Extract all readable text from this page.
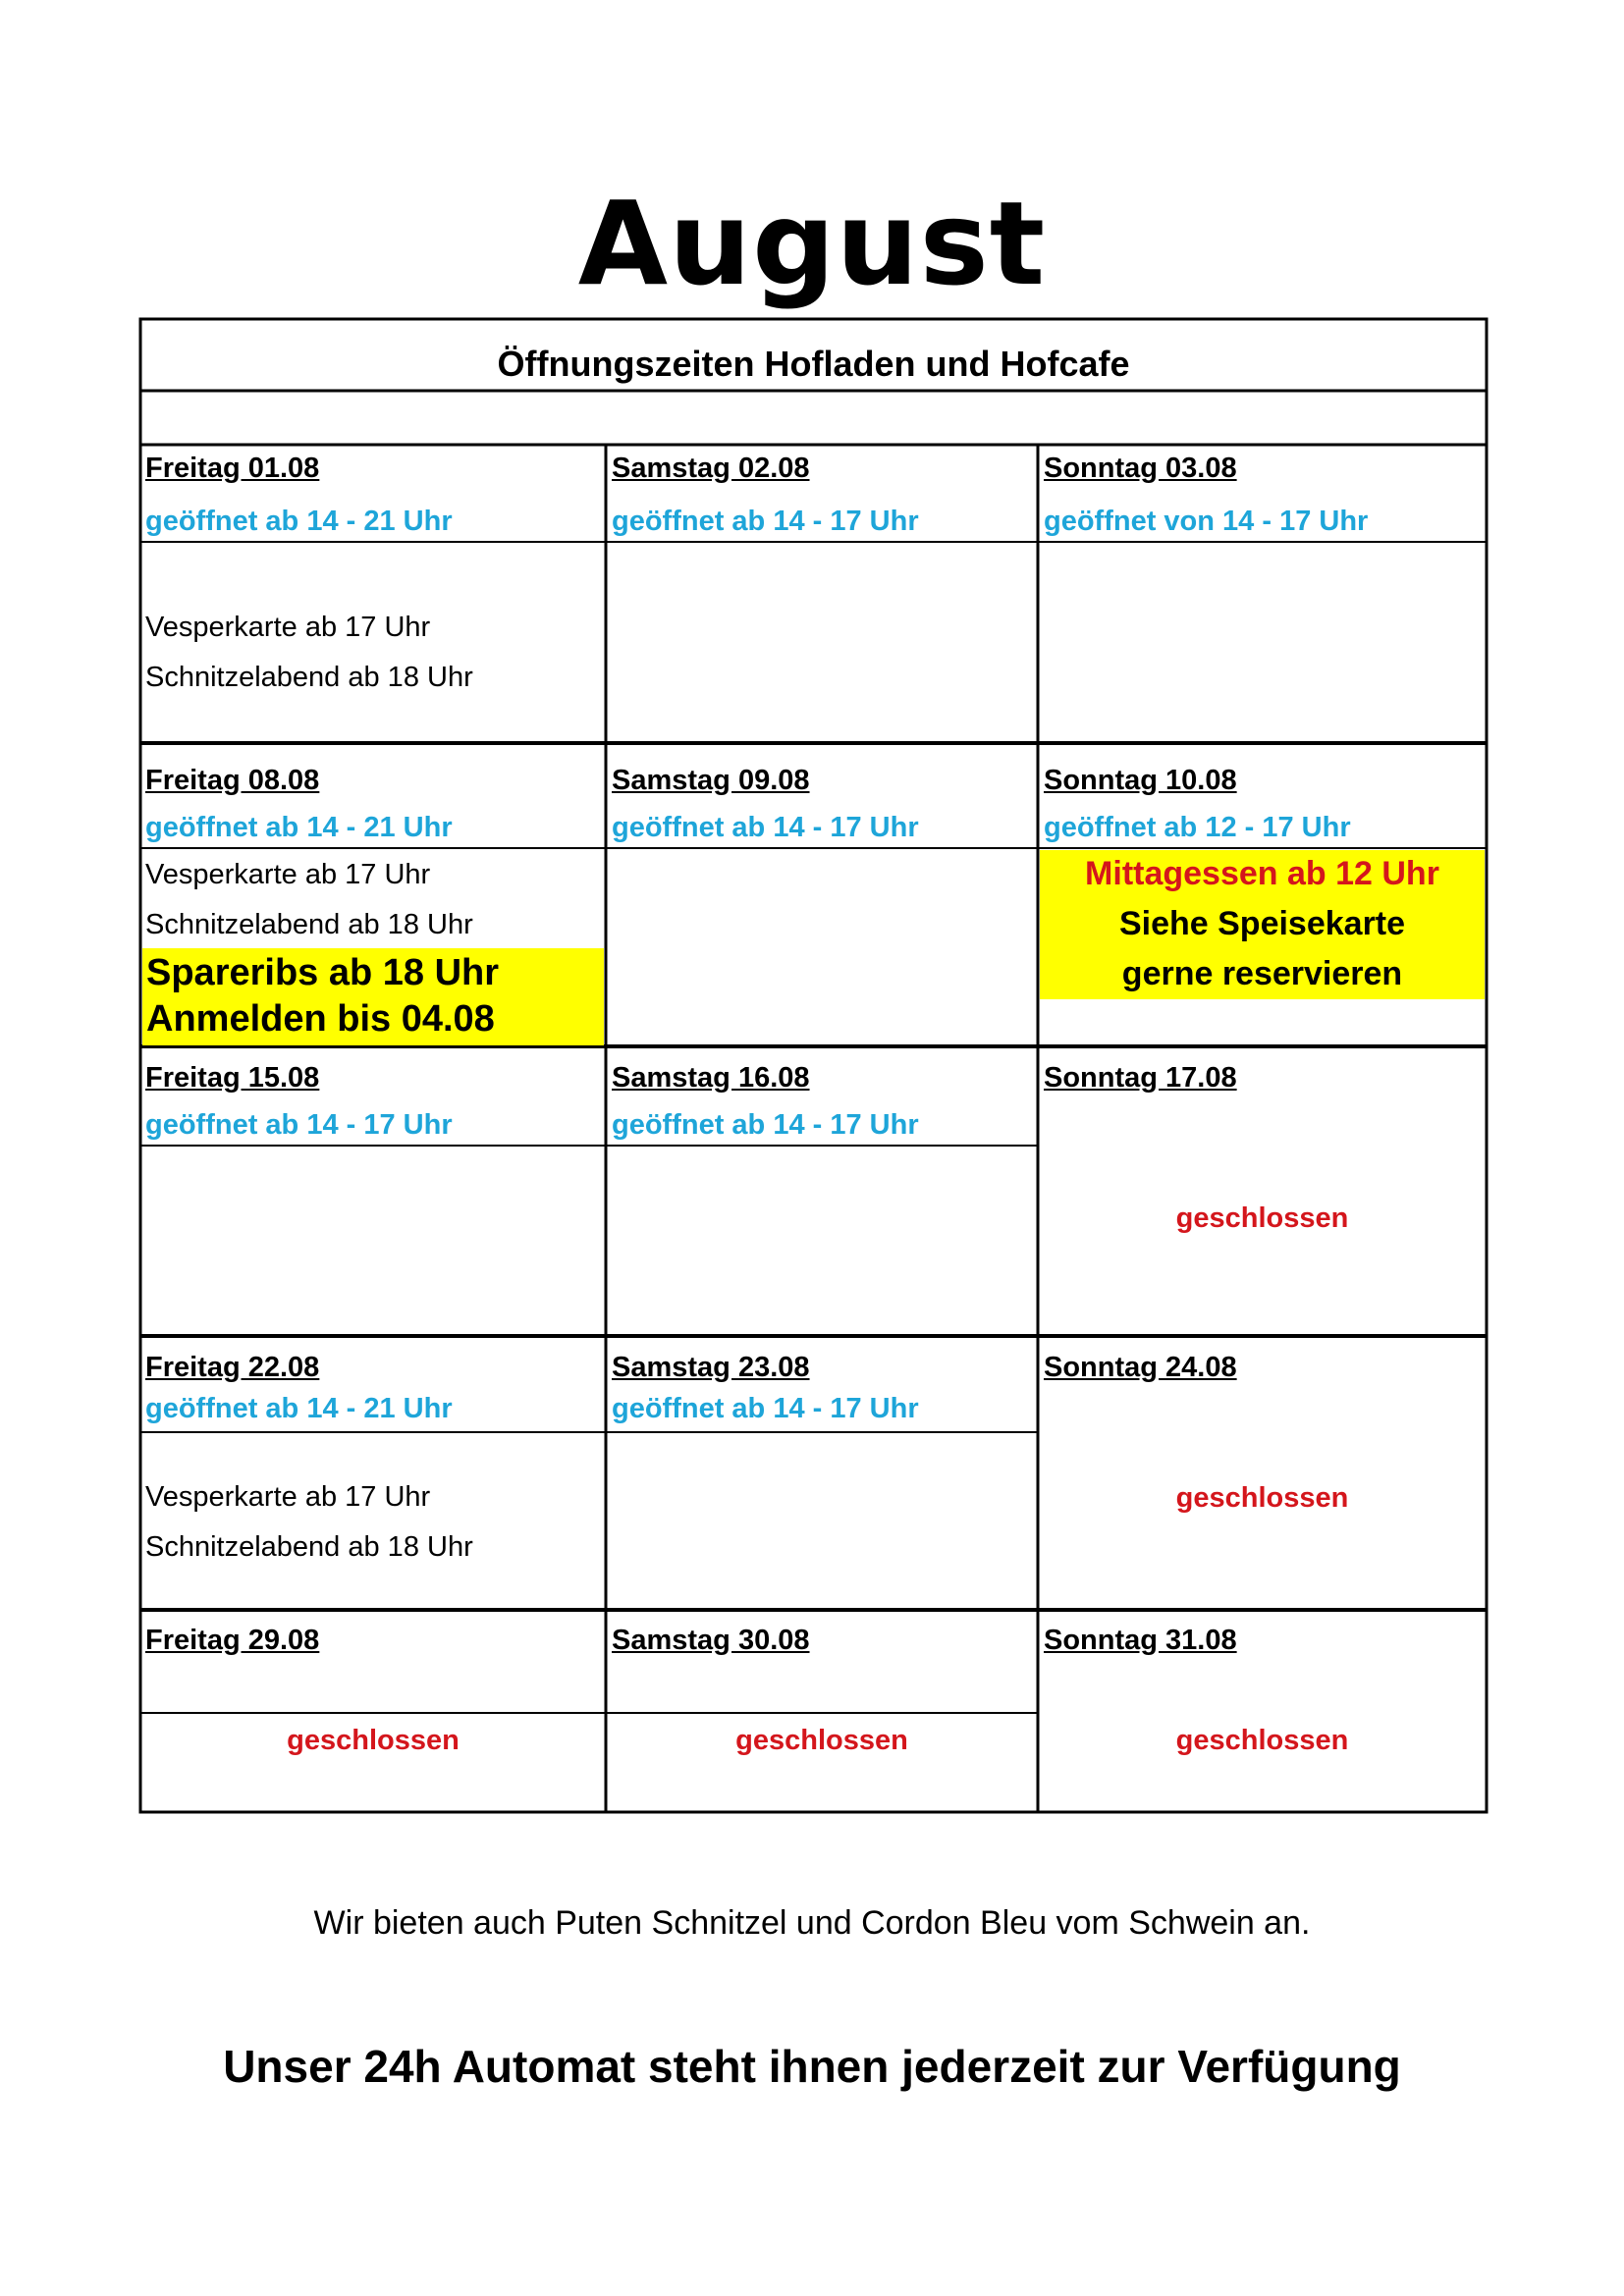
August
Öffnungszeiten Hofladen und Hofcafe
Freitag 01.08
geöffnet ab 14 - 21 Uhr
Vesperkarte ab 17 Uhr
Schnitzelabend ab 18 Uhr
Samstag 02.08
geöffnet ab 14 - 17 Uhr
Sonntag 03.08
geöffnet von 14 - 17 Uhr
Freitag 08.08
geöffnet ab 14 - 21 Uhr
Vesperkarte ab 17 Uhr
Schnitzelabend ab 18 Uhr
Spareribs ab 18 Uhr
Anmelden bis 04.08
Samstag 09.08
geöffnet ab 14 - 17 Uhr
Sonntag 10.08
geöffnet ab 12 - 17 Uhr
Mittagessen ab 12 Uhr
Siehe Speisekarte
gerne reservieren
Freitag 15.08
geöffnet ab 14 - 17 Uhr
Samstag 16.08
geöffnet ab 14 - 17 Uhr
Sonntag 17.08
geschlossen
Freitag 22.08
geöffnet ab 14 - 21 Uhr
Vesperkarte ab 17 Uhr
Schnitzelabend ab 18 Uhr
Samstag 23.08
geöffnet ab 14 - 17 Uhr
Sonntag 24.08
geschlossen
Freitag 29.08
geschlossen
Samstag 30.08
geschlossen
Sonntag 31.08
geschlossen
Wir bieten auch Puten Schnitzel und Cordon Bleu vom Schwein an.
Unser 24h Automat steht ihnen jederzeit zur Verfügung
